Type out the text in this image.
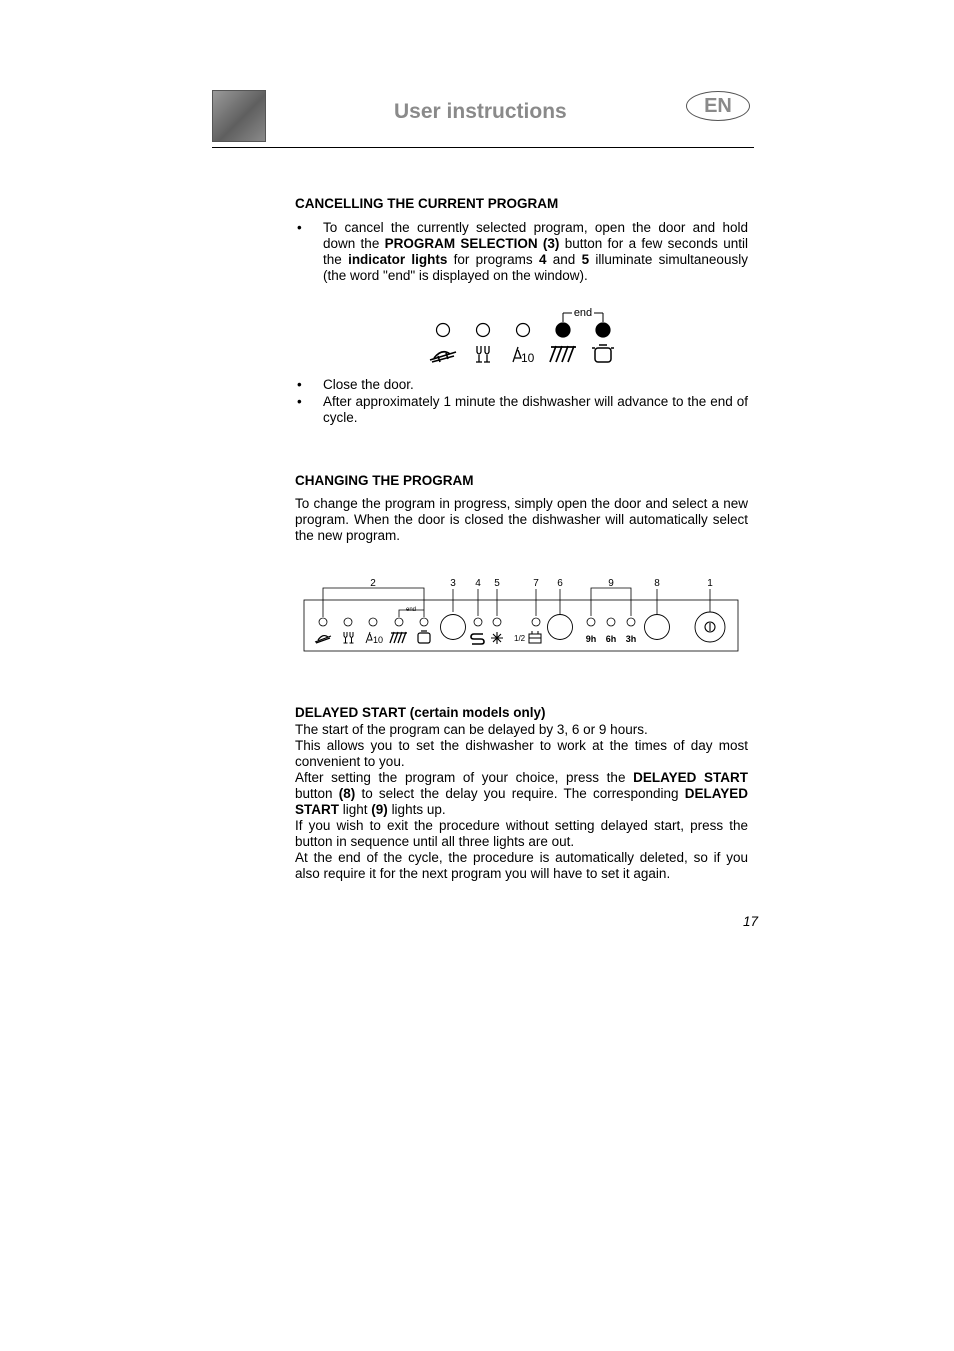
User instructions	EN
CANCELLING THE CURRENT PROGRAM
• To cancel the currently selected program, open the door and hold down the PROGRAM SELECTION (3) button for a few seconds until the indicator lights for programs 4 and 5 illuminate simultaneously (the word "end" is displayed on the window).
end
10
• Close the door.
• After approximately 1 minute the dishwasher will advance to the end of cycle.
CHANGING THE PROGRAM
To change the program in progress, simply open the door and select a new program. When the door is closed the dishwasher will automatically select the new program.
2	3 4 5	7 6	9	8	1
end
10	1/2	9h 6h 3h
DELAYED START (certain models only)
The start of the program can be delayed by 3, 6 or 9 hours.
This allows you to set the dishwasher to work at the times of day most convenient to you.
After setting the program of your choice, press the DELAYED START button (8) to select the delay you require. The corresponding DELAYED START light (9) lights up.
If you wish to exit the procedure without setting delayed start, press the button in sequence until all three lights are out.
At the end of the cycle, the procedure is automatically deleted, so if you also require it for the next program you will have to set it again.
17
